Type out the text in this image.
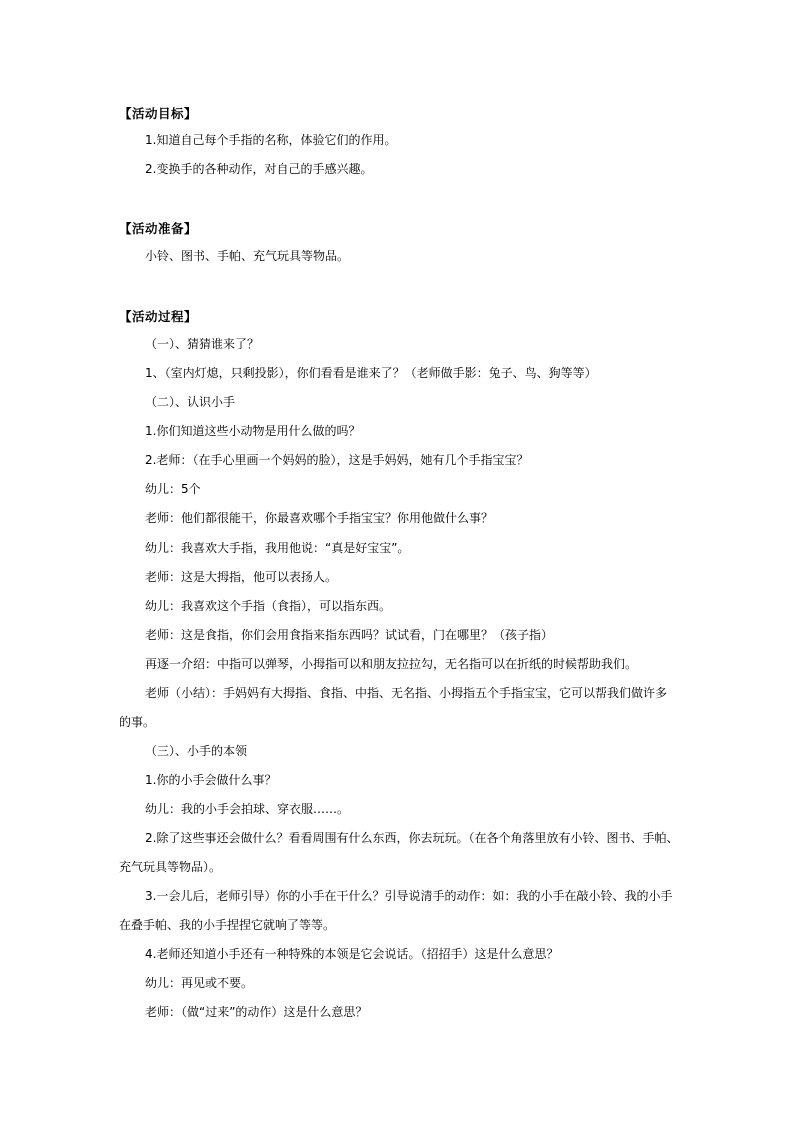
【活动目标】
1.知道自己每个手指的名称，体验它们的作用。
2.变换手的各种动作，对自己的手感兴趣。
【活动准备】
小铃、图书、手帕、充气玩具等物品。
【活动过程】
（一）、猜猜谁来了？
1、（室内灯熄，只剩投影），你们看看是谁来了？（老师做手影：兔子、鸟、狗等等）
（二）、认识小手
1.你们知道这些小动物是用什么做的吗？
2.老师：（在手心里画一个妈妈的脸），这是手妈妈，她有几个手指宝宝？
幼儿：5个
老师：他们都很能干，你最喜欢哪个手指宝宝？你用他做什么事？
幼儿：我喜欢大手指，我用他说：“真是好宝宝”。
老师：这是大拇指，他可以表扬人。
幼儿：我喜欢这个手指（食指），可以指东西。
老师：这是食指，你们会用食指来指东西吗？试试看，门在哪里？（孩子指）
再逐一介绍：中指可以弹琴，小拇指可以和朋友拉拉勾，无名指可以在折纸的时候帮助我们。
老师（小结）：手妈妈有大拇指、食指、中指、无名指、小拇指五个手指宝宝，它可以帮我们做许多
的事。
（三）、小手的本领
1.你的小手会做什么事？
幼儿：我的小手会拍球、穿衣服……。
2.除了这些事还会做什么？看看周围有什么东西，你去玩玩。（在各个角落里放有小铃、图书、手帕、
充气玩具等物品）。
3.一会儿后，老师引导）你的小手在干什么？引导说清手的动作：如：我的小手在敲小铃、我的小手
在叠手帕、我的小手捏捏它就响了等等。
4.老师还知道小手还有一种特殊的本领是它会说话。（招招手）这是什么意思？
幼儿：再见或不要。
老师：（做“过来”的动作）这是什么意思？
